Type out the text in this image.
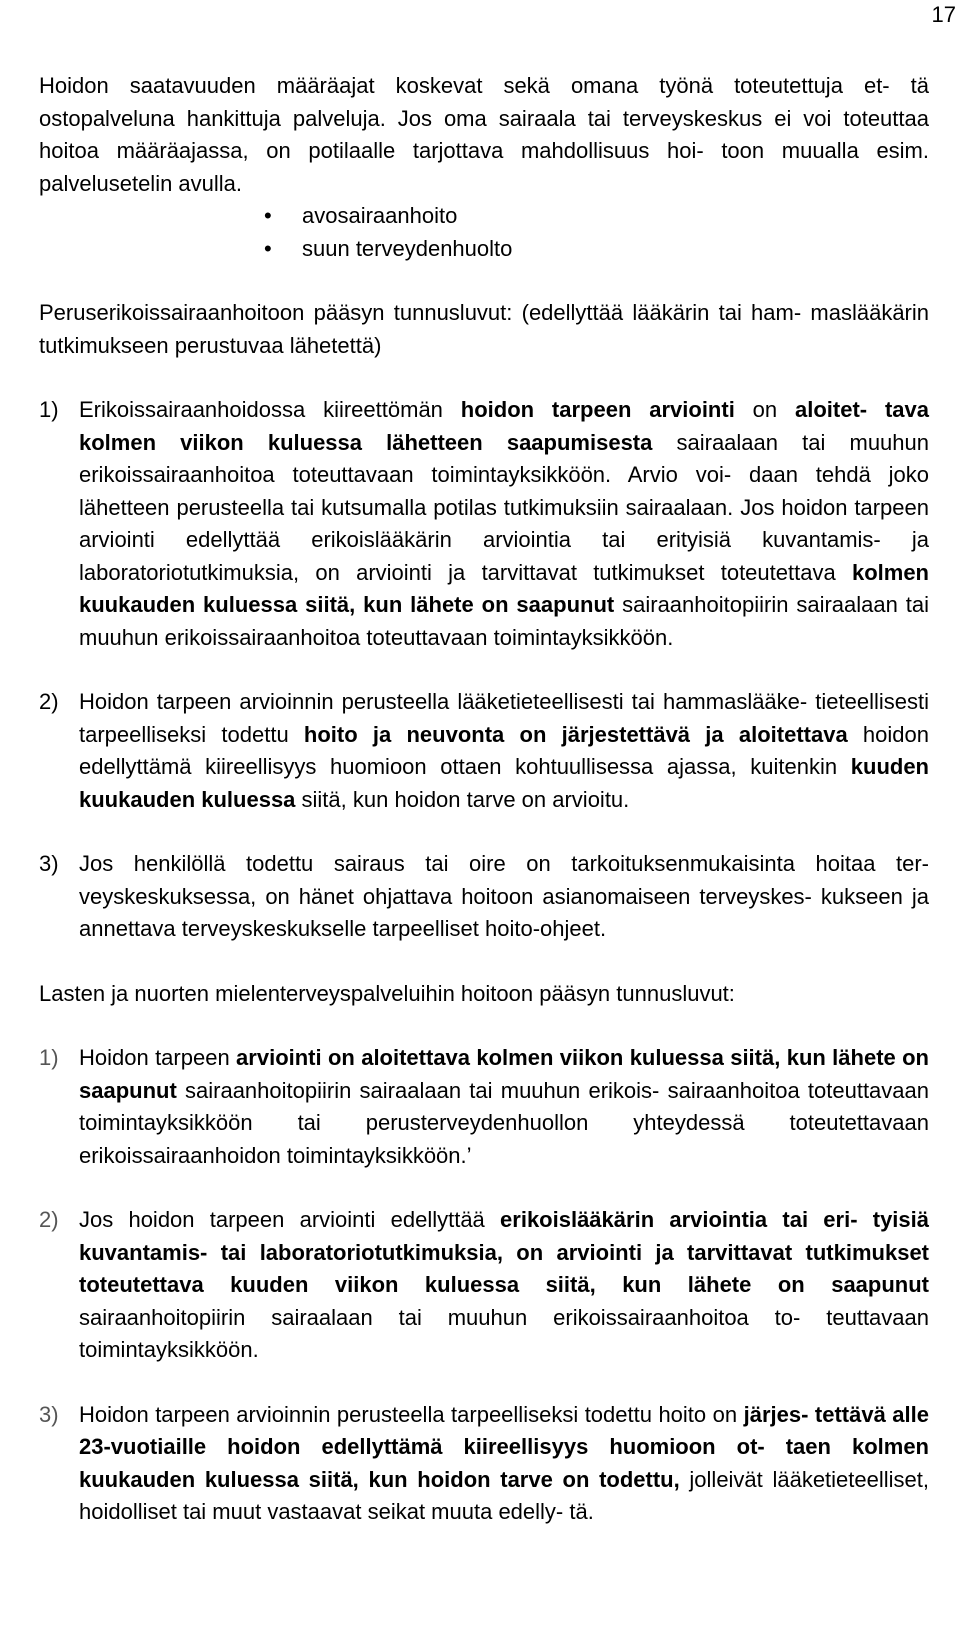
17

Hoidon saatavuuden määräajat koskevat sekä omana työnä toteutettuja et- tä ostopalveluna hankittuja palveluja. Jos oma sairaala tai terveyskeskus ei voi toteuttaa hoitoa määräajassa, on potilaalle tarjottava mahdollisuus hoi- toon muualla esim. palvelusetelin avulla.

• avosairaanhoito
• suun terveydenhuolto

Peruserikoissairaanhoitoon pääsyn tunnusluvut: (edellyttää lääkärin tai ham- maslääkärin tutkimukseen perustuvaa lähetettä)

1) Erikoissairaanhoidossa kiireettömän hoidon tarpeen arviointi on aloitet- tava kolmen viikon kuluessa lähetteen saapumisesta sairaalaan tai muuhun erikoissairaanhoitoa toteuttavaan toimintayksikköön. Arvio voi- daan tehdä joko lähetteen perusteella tai kutsumalla potilas tutkimuksiin sairaalaan. Jos hoidon tarpeen arviointi edellyttää erikoislääkärin arviointia tai erityisiä kuvantamis- ja laboratoriotutkimuksia, on arviointi ja tarvittavat tutkimukset toteutettava kolmen kuukauden kuluessa siitä, kun lähete on saapunut sairaanhoitopiirin sairaalaan tai muuhun erikoissairaanhoitoa toteuttavaan toimintayksikköön.
2) Hoidon tarpeen arvioinnin perusteella lääketieteellisesti tai hammaslääke- tieteellisesti tarpeelliseksi todettu hoito ja neuvonta on järjestettävä ja aloitettava hoidon edellyttämä kiireellisyys huomioon ottaen kohtuullisessa ajassa, kuitenkin kuuden kuukauden kuluessa siitä, kun hoidon tarve on arvioitu.
3) Jos henkilöllä todettu sairaus tai oire on tarkoituksenmukaisinta hoitaa ter- veyskeskuksessa, on hänet ohjattava hoitoon asianomaiseen terveyskes- kukseen ja annettava terveyskeskukselle tarpeelliset hoito-ohjeet.

Lasten ja nuorten mielenterveyspalveluihin hoitoon pääsyn tunnusluvut:

1) Hoidon tarpeen arviointi on aloitettava kolmen viikon kuluessa siitä, kun lähete on saapunut sairaanhoitopiirin sairaalaan tai muuhun erikois- sairaanhoitoa toteuttavaan toimintayksikköön tai perusterveydenhuollon yhteydessä toteutettavaan erikoissairaanhoidon toimintayksikköön.’
2) Jos hoidon tarpeen arviointi edellyttää erikoislääkärin arviointia tai eri- tyisiä kuvantamis- tai laboratoriotutkimuksia, on arviointi ja tarvittavat tutkimukset toteutettava kuuden viikon kuluessa siitä, kun lähete on saapunut sairaanhoitopiirin sairaalaan tai muuhun erikoissairaanhoitoa to- teuttavaan toimintayksikköön.
3) Hoidon tarpeen arvioinnin perusteella tarpeelliseksi todettu hoito on järjes- tettävä alle 23-vuotiaille hoidon edellyttämä kiireellisyys huomioon ot- taen kolmen kuukauden kuluessa siitä, kun hoidon tarve on todettu, jolleivät lääketieteelliset, hoidolliset tai muut vastaavat seikat muuta edelly- tä.
